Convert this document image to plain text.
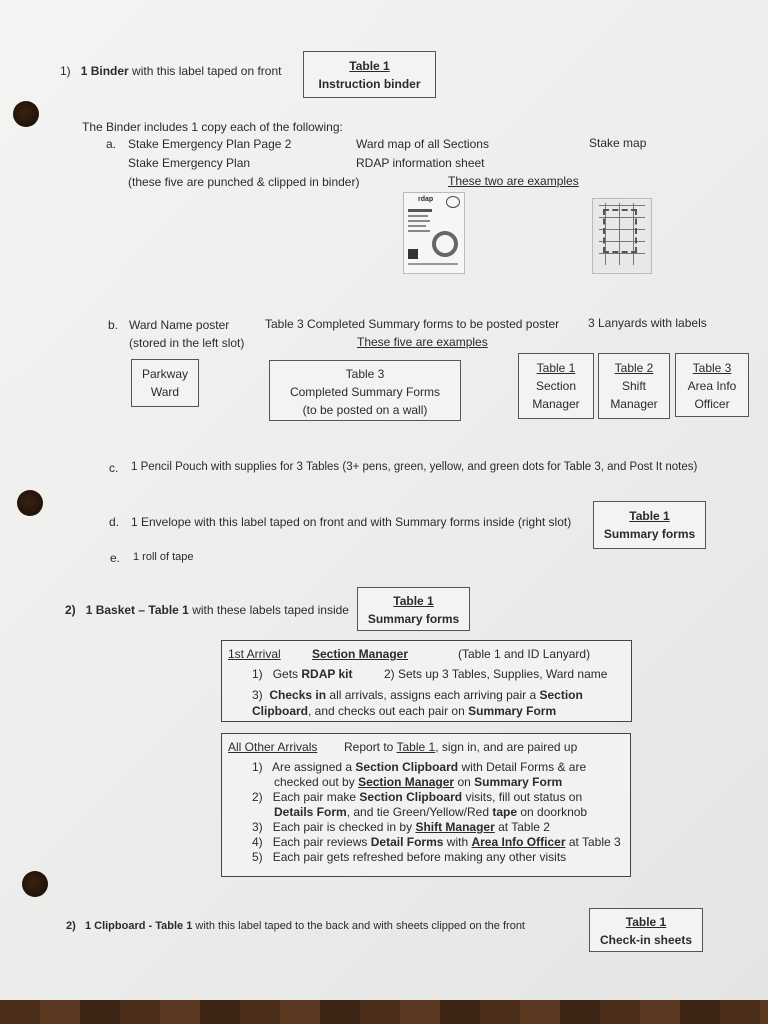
1) 1 Binder with this label taped on front	Table 1
Instruction binder
The Binder includes 1 copy each of the following:
a. Stake Emergency Plan Page 2
Stake Emergency Plan
(these five are punched & clipped in binder)
Ward map of all Sections
RDAP information sheet
These two are examples
Stake map
rdap
b. Ward Name poster
(stored in the left slot)
Table 3 Completed Summary forms to be posted poster
These five are examples
3 Lanyards with labels
Parkway
Ward
Table 3
Completed Summary Forms
(to be posted on a wall)
Table 1
Section
Manager
Table 2
Shift
Manager
Table 3
Area Info
Officer
c. 1 Pencil Pouch with supplies for 3 Tables (3+ pens, green, yellow, and green dots for Table 3, and Post It notes)
d. 1 Envelope with this label taped on front and with Summary forms inside (right slot)	Table 1
Summary forms
e. 1 roll of tape
2) 1 Basket – Table 1 with these labels taped inside
Table 1
Summary forms
1st Arrival	Section Manager	(Table 1 and ID Lanyard)
1) Gets RDAP kit	2) Sets up 3 Tables, Supplies, Ward name
3) Checks in all arrivals, assigns each arriving pair a Section
Clipboard, and checks out each pair on Summary Form
All Other Arrivals Report to Table 1, sign in, and are paired up
1) Are assigned a Section Clipboard with Detail Forms & are
checked out by Section Manager on Summary Form
2) Each pair make Section Clipboard visits, fill out status on
Details Form, and tie Green/Yellow/Red tape on doorknob
3) Each pair is checked in by Shift Manager at Table 2
4) Each pair reviews Detail Forms with Area Info Officer at Table 3
5) Each pair gets refreshed before making any other visits
2) 1 Clipboard - Table 1 with this label taped to the back and with sheets clipped on the front	Table 1
Check-in sheets
